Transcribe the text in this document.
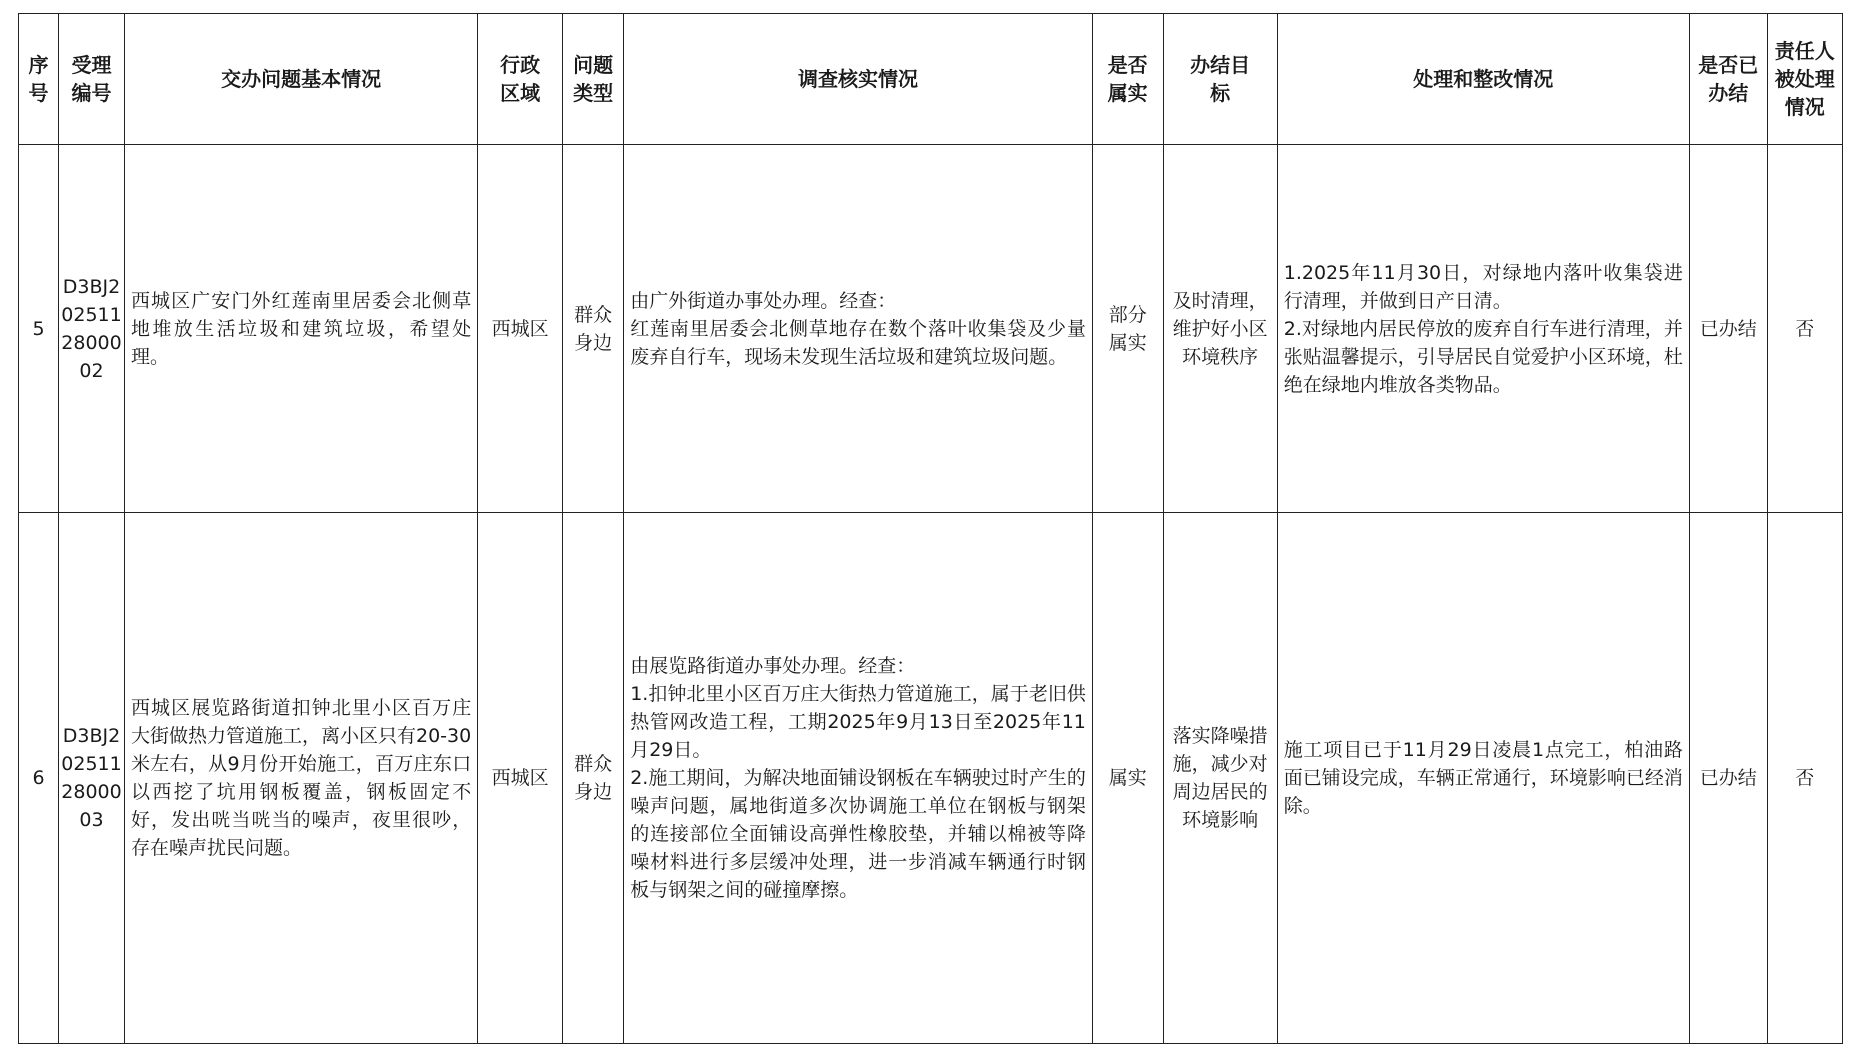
序号	受理编号	交办问题基本情况	行政区域	问题类型	调查核实情况	是否属实	办结目标	处理和整改情况	是否已办结	责任人被处理情况
5	D3BJ2025112800002	西城区广安门外红莲南里居委会北侧草地堆放生活垃圾和建筑垃圾，希望处理。	西城区	群众身边	由广外街道办事处办理。经查：
红莲南里居委会北侧草地存在数个落叶收集袋及少量废弃自行车，现场未发现生活垃圾和建筑垃圾问题。	部分属实	及时清理，维护好小区环境秩序	1.2025年11月30日，对绿地内落叶收集袋进行清理，并做到日产日清。
2.对绿地内居民停放的废弃自行车进行清理，并张贴温馨提示，引导居民自觉爱护小区环境，杜绝在绿地内堆放各类物品。	已办结	否
6	D3BJ2025112800003	西城区展览路街道扣钟北里小区百万庄大街做热力管道施工，离小区只有20-30米左右，从9月份开始施工，百万庄东口以西挖了坑用钢板覆盖，钢板固定不好，发出咣当咣当的噪声，夜里很吵，存在噪声扰民问题。	西城区	群众身边	由展览路街道办事处办理。经查：
1.扣钟北里小区百万庄大街热力管道施工，属于老旧供热管网改造工程，工期2025年9月13日至2025年11月29日。
2.施工期间，为解决地面铺设钢板在车辆驶过时产生的噪声问题，属地街道多次协调施工单位在钢板与钢架的连接部位全面铺设高弹性橡胶垫，并辅以棉被等降噪材料进行多层缓冲处理，进一步消减车辆通行时钢板与钢架之间的碰撞摩擦。	属实	落实降噪措施，减少对周边居民的环境影响	施工项目已于11月29日凌晨1点完工，柏油路面已铺设完成，车辆正常通行，环境影响已经消除。	已办结	否
